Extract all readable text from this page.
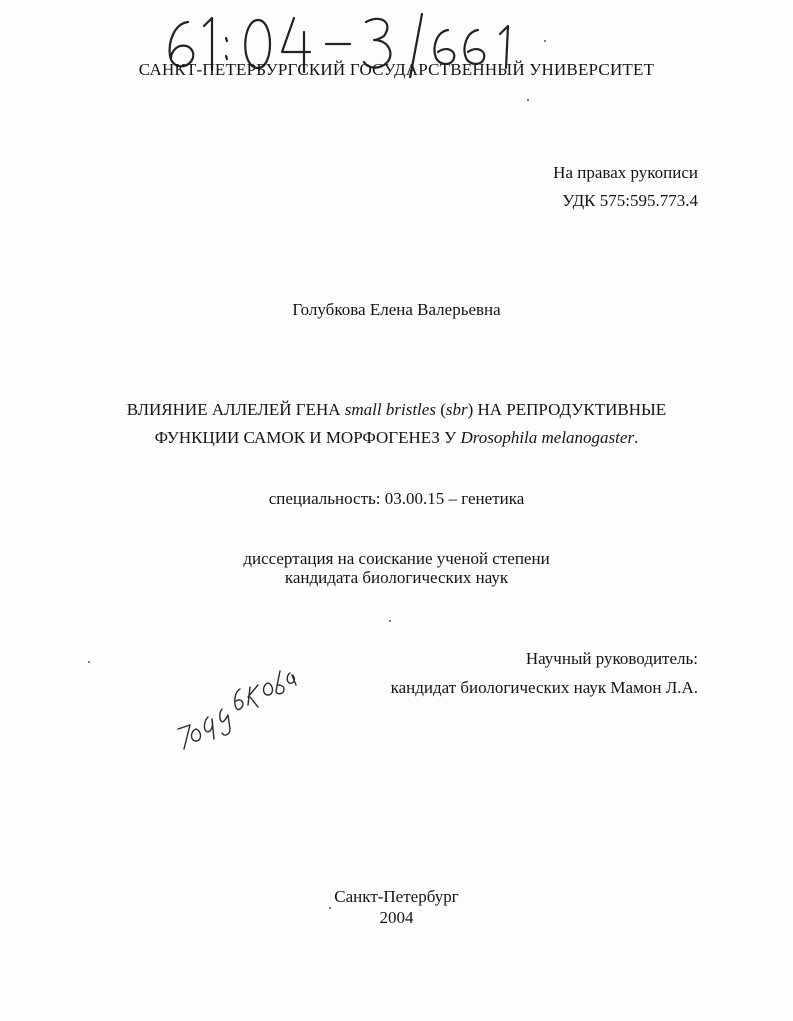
61:04-3/661
САНКТ-ПЕТЕРБУРГСКИЙ ГОСУДАРСТВЕННЫЙ УНИВЕРСИТЕТ
На правах рукописи
УДК 575:595.773.4
Голубкова Елена Валерьевна
ВЛИЯНИЕ АЛЛЕЛЕЙ ГЕНА small bristles (sbr) НА РЕПРОДУКТИВНЫЕ
ФУНКЦИИ САМОК И МОРФОГЕНЕЗ У Drosophila melanogaster.
специальность: 03.00.15 – генетика
диссертация на соискание ученой степени
кандидата биологических наук
Научный руководитель:
кандидат биологических наук Мамон Л.А.
Голубкова
Санкт-Петербург
2004
